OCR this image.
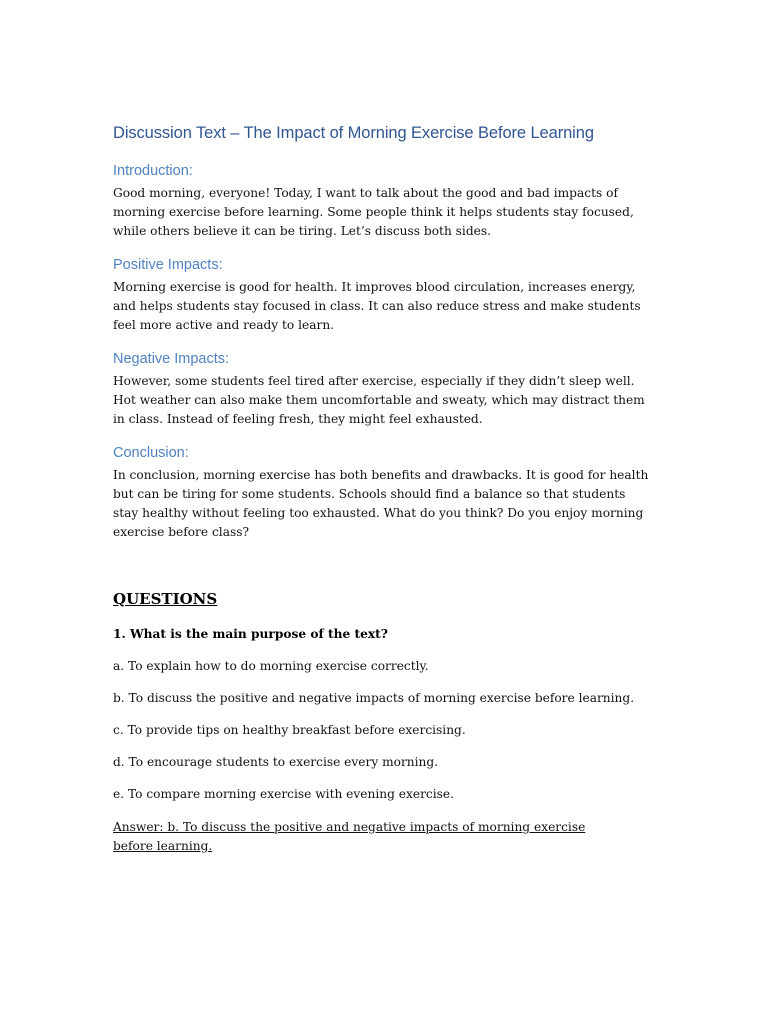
Discussion Text – The Impact of Morning Exercise Before Learning
Introduction:

Good morning, everyone! Today, I want to talk about the good and bad impacts of morning exercise before learning. Some people think it helps students stay focused, while others believe it can be tiring. Let’s discuss both sides.

Positive Impacts:

Morning exercise is good for health. It improves blood circulation, increases energy, and helps students stay focused in class. It can also reduce stress and make students feel more active and ready to learn.

Negative Impacts:

However, some students feel tired after exercise, especially if they didn’t sleep well. Hot weather can also make them uncomfortable and sweaty, which may distract them in class. Instead of feeling fresh, they might feel exhausted.

Conclusion:

In conclusion, morning exercise has both benefits and drawbacks. It is good for health but can be tiring for some students. Schools should find a balance so that students stay healthy without feeling too exhausted. What do you think? Do you enjoy morning exercise before class?

QUESTIONS

1. What is the main purpose of the text?

a. To explain how to do morning exercise correctly.

b. To discuss the positive and negative impacts of morning exercise before learning.

c. To provide tips on healthy breakfast before exercising.

d. To encourage students to exercise every morning.

e. To compare morning exercise with evening exercise.

Answer: b. To discuss the positive and negative impacts of morning exercise before learning.
